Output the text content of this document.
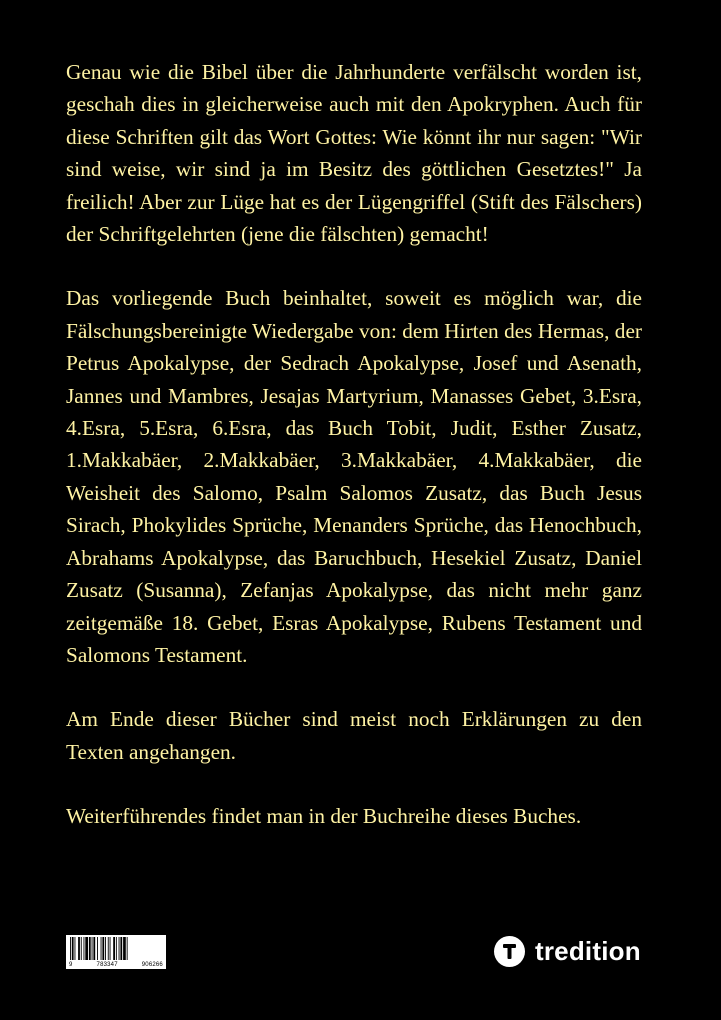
Genau wie die Bibel über die Jahrhunderte verfälscht worden ist, geschah dies in gleicherweise auch mit den Apokryphen. Auch für diese Schriften gilt das Wort Gottes: Wie könnt ihr nur sagen: "Wir sind weise, wir sind ja im Besitz des göttlichen Gesetztes!" Ja freilich! Aber zur Lüge hat es der Lügengriffel (Stift des Fälschers) der Schriftgelehrten (jene die fälschten) gemacht!

Das vorliegende Buch beinhaltet, soweit es möglich war, die Fälschungsbereinigte Wiedergabe von: dem Hirten des Hermas, der Petrus Apokalypse, der Sedrach Apokalypse, Josef und Asenath, Jannes und Mambres, Jesajas Martyrium, Manasses Gebet, 3.Esra, 4.Esra, 5.Esra, 6.Esra, das Buch Tobit, Judit, Esther Zusatz, 1.Makkabäer, 2.Makkabäer, 3.Makkabäer, 4.Makkabäer, die Weisheit des Salomo, Psalm Salomos Zusatz, das Buch Jesus Sirach, Phokylides Sprüche, Menanders Sprüche, das Henochbuch, Abrahams Apokalypse, das Baruchbuch, Hesekiel Zusatz, Daniel Zusatz (Susanna), Zefanjas Apokalypse, das nicht mehr ganz zeitgemäße 18. Gebet, Esras Apokalypse, Rubens Testament und Salomons Testament.

Am Ende dieser Bücher sind meist noch Erklärungen zu den Texten angehangen.

Weiterführendes findet man in der Buchreihe dieses Buches.

9	783347	906266	tredition
